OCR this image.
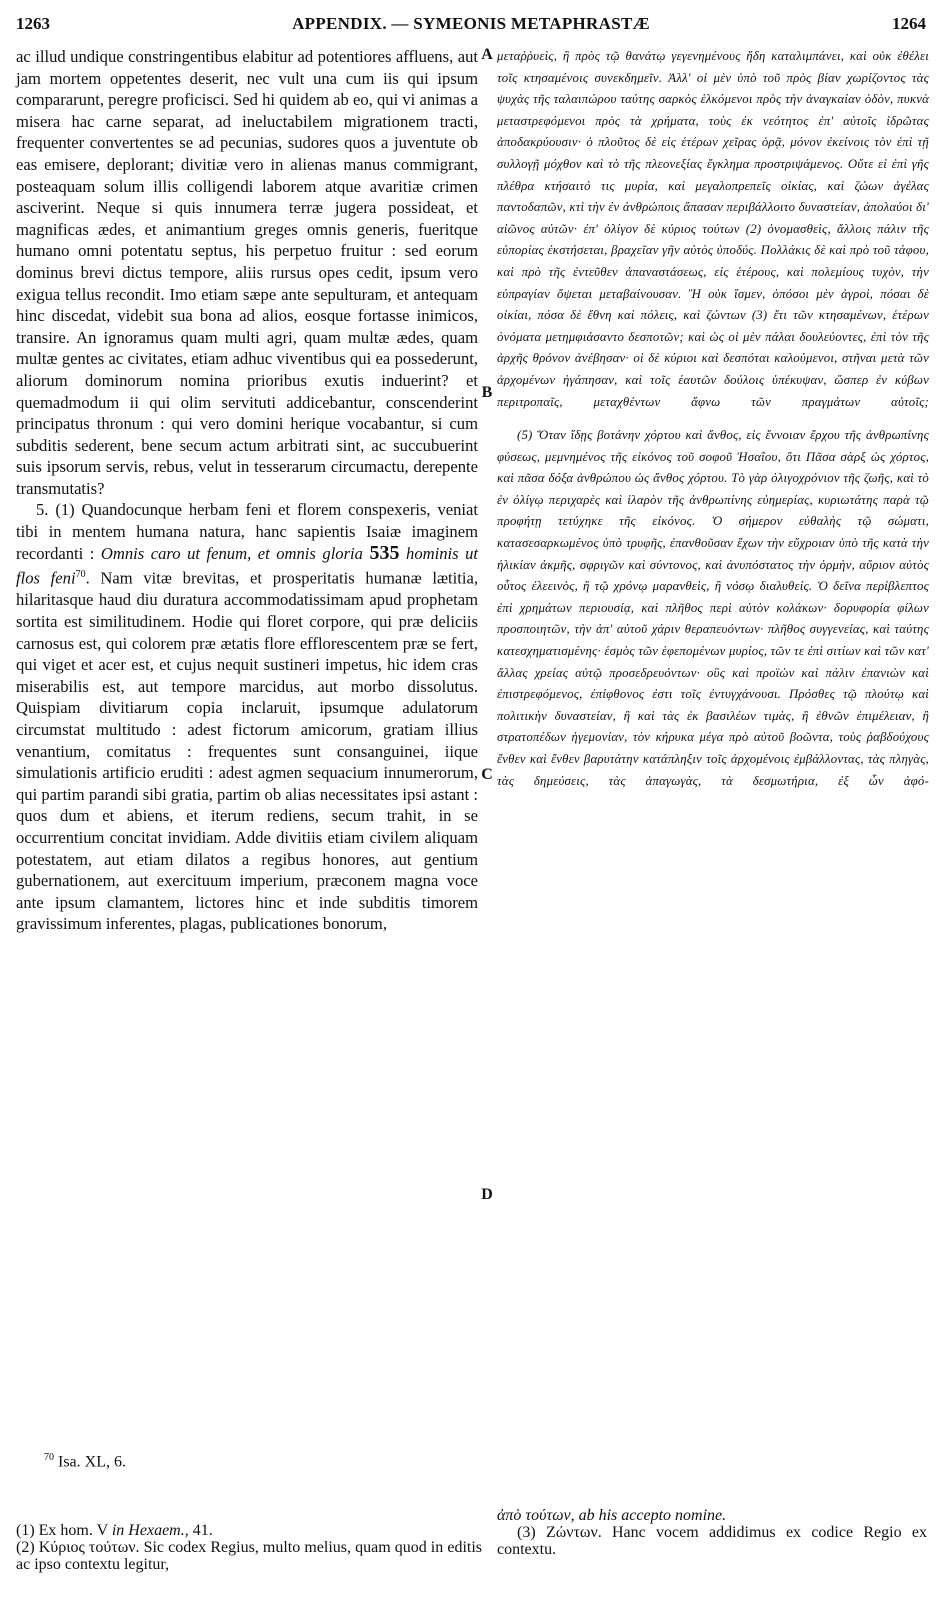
1263	APPENDIX. — SYMEONIS METAPHRASTÆ	1264

ac illud undique constringentibus elabitur ad potentiores affluens, aut jam mortem oppetentes deserit, nec vult una cum iis qui ipsum compararunt, peregre proficisci. Sed hi quidem ab eo, qui vi animas a misera hac carne separat, ad ineluctabilem migrationem tracti, frequenter convertentes se ad pecunias, sudores quos a juventute ob eas emisere, deplorant; divitiæ vero in alienas manus commigrant, posteaquam solum illis colligendi laborem atque avaritiæ crimen asciverint. Neque si quis innumera terræ jugera possideat, et magnificas ædes, et animantium greges omnis generis, fueritque humano omni potentatu septus, his perpetuo fruitur : sed eorum dominus brevi dictus tempore, aliis rursus opes cedit, ipsum vero exigua tellus recondit. Imo etiam sæpe ante sepulturam, et antequam hinc discedat, videbit sua bona ad alios, eosque fortasse inimicos, transire. An ignoramus quam multi agri, quam multæ ædes, quam multæ gentes ac civitates, etiam adhuc viventibus qui ea possederunt, aliorum dominorum nomina prioribus exutis induerint? et quemadmodum ii qui olim servituti addicebantur, conscenderint principatus thronum : qui vero domini herique vocabantur, si cum subditis sederent, bene secum actum arbitrati sint, ac succubuerint suis ipsorum servis, rebus, velut in tesserarum circumactu, derepente transmutatis?

5. (1) Quandocunque herbam feni et florem conspexeris, veniat tibi in mentem humana natura, hanc sapientis Isaiæ imaginem recordanti : Omnis caro ut fenum, et omnis gloria 535 hominis ut flos feni$^{70}$. Nam vitæ brevitas, et prosperitatis humanæ lætitia, hilaritasque haud diu duratura accommodatissimam apud prophetam sortita est similitudinem. Hodie qui floret corpore, qui præ deliciis carnosus est, qui colorem præ ætatis flore efflorescentem præ se fert, qui viget et acer est, et cujus nequit sustineri impetus, hic idem cras miserabilis est, aut tempore marcidus, aut morbo dissolutus. Quispiam divitiarum copia inclaruit, ipsumque adulatorum circumstat multitudo : adest fictorum amicorum, gratiam illius venantium, comitatus : frequentes sunt consanguinei, iique simulationis artificio eruditi : adest agmen sequacium innumerorum, qui partim parandi sibi gratia, partim ob alias necessitates ipsi astant : quos dum et abiens, et iterum rediens, secum trahit, in se occurrentium concitat invidiam. Adde divitiis etiam civilem aliquam potestatem, aut etiam dilatos a regibus honores, aut gentium gubernationem, aut exercituum imperium, præconem magna voce ante ipsum clamantem, lictores hinc et inde subditis timorem gravissimum inferentes, plagas, publicationes bonorum,

A
B
C
D

μεταῤῥυεὶς, ἢ πρὸς τῷ θανάτῳ γεγενημένους ἤδη καταλιμπάνει, καὶ οὐκ ἐθέλει τοῖς κτησαμένοις συνεκδημεῖν. Ἀλλ' οἱ μὲν ὑπὸ τοῦ πρὸς βίαν χωρίζοντος τὰς ψυχὰς τῆς ταλαιπώρου ταύτης σαρκὸς ἑλκόμενοι πρὸς τὴν ἀναγκαίαν ὁδὸν, πυκνὰ μεταστρεφόμενοι πρὸς τὰ χρήματα, τοὺς ἐκ νεότητος ἐπ' αὐτοῖς ἱδρῶτας ἀποδακρύουσιν· ὁ πλοῦτος δὲ εἰς ἑτέρων χεῖρας ὁρᾷ, μόνον ἐκείνοις τὸν ἐπὶ τῇ συλλογῇ μόχθον καὶ τὸ τῆς πλεονεξίας ἔγκλημα προστριψάμενος. Οὔτε εἰ ἐπὶ γῆς πλέθρα κτήσαιτό τις μυρία, καὶ μεγαλοπρεπεῖς οἰκίας, καὶ ζώων ἀγέλας παντοδαπῶν, κτὶ τὴν ἐν ἀνθρώποις ἅπασαν περιβάλλοιτο δυναστείαν, ἀπολαύοι δι' αἰῶνος αὐτῶν· ἐπ' ὀλίγον δὲ κύριος τούτων (2) ὀνομασθεὶς, ἄλλοις πάλιν τῆς εὐπορίας ἐκστήσεται, βραχεῖαν γῆν αὐτὸς ὑποδύς. Πολλάκις δὲ καὶ πρὸ τοῦ τάφου, καὶ πρὸ τῆς ἐντεῦθεν ἀπαναστάσεως, εἰς ἑτέρους, καὶ πολεμίους τυχὸν, τὴν εὐπραγίαν ὄψεται μεταβαίνουσαν. Ἢ οὐκ ἴσμεν, ὁπόσοι μὲν ἀγροὶ, πόσαι δὲ οἰκίαι, πόσα δὲ ἔθνη καὶ πόλεις, καὶ ζώντων (3) ἔτι τῶν κτησαμένων, ἑτέρων ὀνόματα μετημφιάσαντο δεσποτῶν; καὶ ὡς οἱ μὲν πάλαι δουλεύοντες, ἐπὶ τὸν τῆς ἀρχῆς θρόνον ἀνέβησαν· οἱ δὲ κύριοι καὶ δεσπόται καλούμενοι, στῆναι μετὰ τῶν ἀρχομένων ἠγάπησαν, καὶ τοῖς ἑαυτῶν δούλοις ὑπέκυψαν, ὥσπερ ἐν κύβων περιτροπαῖς, μεταχθέντων ἄφνω τῶν πραγμάτων αὐτοῖς;

(5) Ὅταν ἴδῃς βοτάνην χόρτου καὶ ἄνθος, εἰς ἔννοιαν ἔρχου τῆς ἀνθρωπίνης φύσεως, μεμνημένος τῆς εἰκόνος τοῦ σοφοῦ Ἠσαΐου, ὅτι Πᾶσα σὰρξ ὡς χόρτος, καὶ πᾶσα δόξα ἀνθρώπου ὡς ἄνθος χόρτου. Τὸ γὰρ ὀλιγοχρόνιον τῆς ζωῆς, καὶ τὸ ἐν ὀλίγῳ περιχαρὲς καὶ ἱλαρὸν τῆς ἀνθρωπίνης εὐημερίας, κυριωτάτης παρὰ τῷ προφήτῃ τετύχηκε τῆς εἰκόνος. Ὁ σήμερον εὐθαλὴς τῷ σώματι, κατασεσαρκωμένος ὑπὸ τρυφῆς, ἐπανθοῦσαν ἔχων τὴν εὔχροιαν ὑπὸ τῆς κατὰ τὴν ἡλικίαν ἀκμῆς, σφριγῶν καὶ σύντονος, καὶ ἀνυπόστατος τὴν ὁρμὴν, αὔριον αὐτὸς οὗτος ἐλεεινὸς, ἢ τῷ χρόνῳ μαρανθεὶς, ἢ νόσῳ διαλυθείς. Ὁ δεῖνα περίβλεπτος ἐπὶ χρημάτων περιουσίᾳ, καὶ πλῆθος περὶ αὐτὸν κολάκων· δορυφορία φίλων προσποιητῶν, τὴν ἀπ' αὐτοῦ χάριν θεραπευόντων· πλῆθος συγγενείας, καὶ ταύτης κατεσχηματισμένης· ἑσμὸς τῶν ἑφεπομένων μυρίος, τῶν τε ἐπὶ σιτίων καὶ τῶν κατ' ἄλλας χρείας αὐτῷ προσεδρευόντων· οὓς καὶ προϊὼν καὶ πάλιν ἐπανιὼν καὶ ἐπιστρεφόμενος, ἐπίφθονος ἐστι τοῖς ἐντυγχάνουσι. Πρόσθες τῷ πλούτῳ καὶ πολιτικὴν δυναστείαν, ἢ καὶ τὰς ἐκ βασιλέων τιμὰς, ἢ ἐθνῶν ἐπιμέλειαν, ἢ στρατοπέδων ἡγεμονίαν, τὸν κήρυκα μέγα πρὸ αὐτοῦ βοῶντα, τοὺς ῥαβδούχους ἔνθεν καὶ ἔνθεν βαρυτάτην κατάπληξιν τοῖς ἀρχομένοις ἐμβάλλοντας, τὰς πληγὰς, τὰς δημεύσεις, τὰς ἀπαγωγὰς, τὰ δεσμωτήρια, ἐξ ὧν ἀφό-

$^{70}$ Isa. XL, 6.

(1) Ex hom. V in Hexaem., 41.

(2) Κύριος τούτων. Sic codex Regius, multo melius, quam quod in editis ac ipso contextu legitur,

ἀπὸ τούτων, ab his accepto nomine.

(3) Ζώντων. Hanc vocem addidimus ex codice Regio ex contextu.
